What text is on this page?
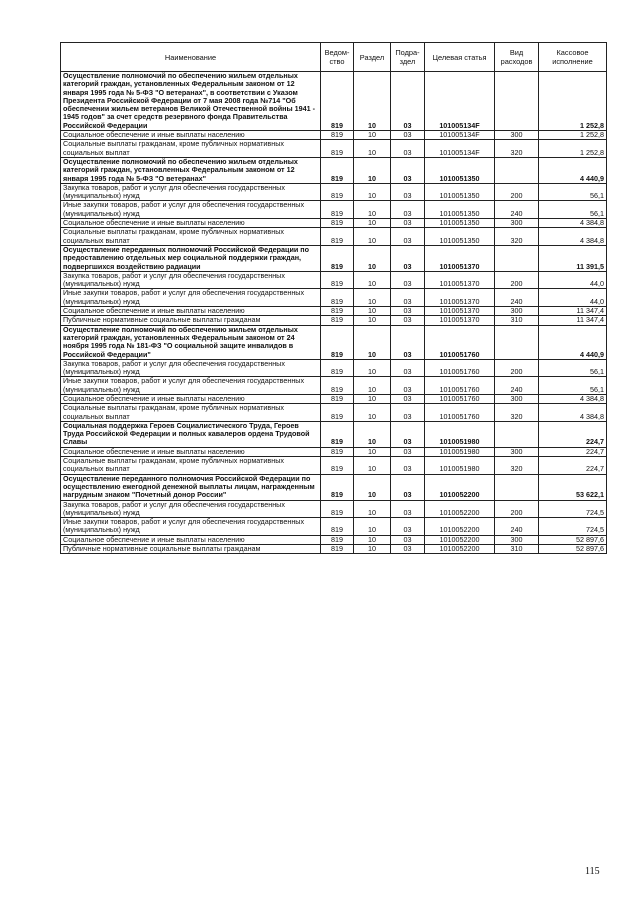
Наименование	Ведом-ство	Раздел	Подра-здел	Целевая статья	Вид расходов	Кассовое исполнение
Осуществление полномочий по обеспечению жильем отдельных категорий граждан, установленных Федеральным законом от 12 января 1995 года № 5-ФЗ "О ветеранах", в соответствии с Указом Президента Российской Федерации от 7 мая 2008 года №714 "Об обеспечении жильем ветеранов Великой Отечественной войны 1941 - 1945 годов" за счет средств резервного фонда Правительства Российской Федерации	819	10	03	101005134F		1 252,8
Социальное обеспечение и иные выплаты населению	819	10	03	101005134F	300	1 252,8
Социальные выплаты гражданам, кроме публичных нормативных социальных выплат	819	10	03	101005134F	320	1 252,8
Осуществление полномочий по обеспечению жильем отдельных категорий граждан, установленных Федеральным законом от 12 января 1995 года № 5-ФЗ "О ветеранах"	819	10	03	1010051350		4 440,9
Закупка товаров, работ и услуг для обеспечения государственных (муниципальных) нужд	819	10	03	1010051350	200	56,1
Иные закупки товаров, работ и услуг для обеспечения государственных (муниципальных) нужд	819	10	03	1010051350	240	56,1
Социальное обеспечение и иные выплаты населению	819	10	03	1010051350	300	4 384,8
Социальные выплаты гражданам, кроме публичных нормативных социальных выплат	819	10	03	1010051350	320	4 384,8
Осуществление переданных полномочий Российской Федерации по предоставлению отдельных мер социальной поддержки граждан, подвергшихся воздействию радиации	819	10	03	1010051370		11 391,5
Закупка товаров, работ и услуг для обеспечения государственных (муниципальных) нужд	819	10	03	1010051370	200	44,0
Иные закупки товаров, работ и услуг для обеспечения государственных (муниципальных) нужд	819	10	03	1010051370	240	44,0
Социальное обеспечение и иные выплаты населению	819	10	03	1010051370	300	11 347,4
Публичные нормативные социальные выплаты гражданам	819	10	03	1010051370	310	11 347,4
Осуществление полномочий по обеспечению жильем отдельных категорий граждан, установленных Федеральным законом от 24 ноября 1995 года № 181-ФЗ "О социальной защите инвалидов в Российской Федерации"	819	10	03	1010051760		4 440,9
Закупка товаров, работ и услуг для обеспечения государственных (муниципальных) нужд	819	10	03	1010051760	200	56,1
Иные закупки товаров, работ и услуг для обеспечения государственных (муниципальных) нужд	819	10	03	1010051760	240	56,1
Социальное обеспечение и иные выплаты населению	819	10	03	1010051760	300	4 384,8
Социальные выплаты гражданам, кроме публичных нормативных социальных выплат	819	10	03	1010051760	320	4 384,8
Социальная поддержка Героев Социалистического Труда, Героев Труда Российской Федерации и полных кавалеров ордена Трудовой Славы	819	10	03	1010051980		224,7
Социальное обеспечение и иные выплаты населению	819	10	03	1010051980	300	224,7
Социальные выплаты гражданам, кроме публичных нормативных социальных выплат	819	10	03	1010051980	320	224,7
Осуществление переданного полномочия Российской Федерации по осуществлению ежегодной денежной выплаты лицам, награжденным нагрудным знаком "Почетный донор России"	819	10	03	1010052200		53 622,1
Закупка товаров, работ и услуг для обеспечения государственных (муниципальных) нужд	819	10	03	1010052200	200	724,5
Иные закупки товаров, работ и услуг для обеспечения государственных (муниципальных) нужд	819	10	03	1010052200	240	724,5
Социальное обеспечение и иные выплаты населению	819	10	03	1010052200	300	52 897,6
Публичные нормативные социальные выплаты гражданам	819	10	03	1010052200	310	52 897,6
115
